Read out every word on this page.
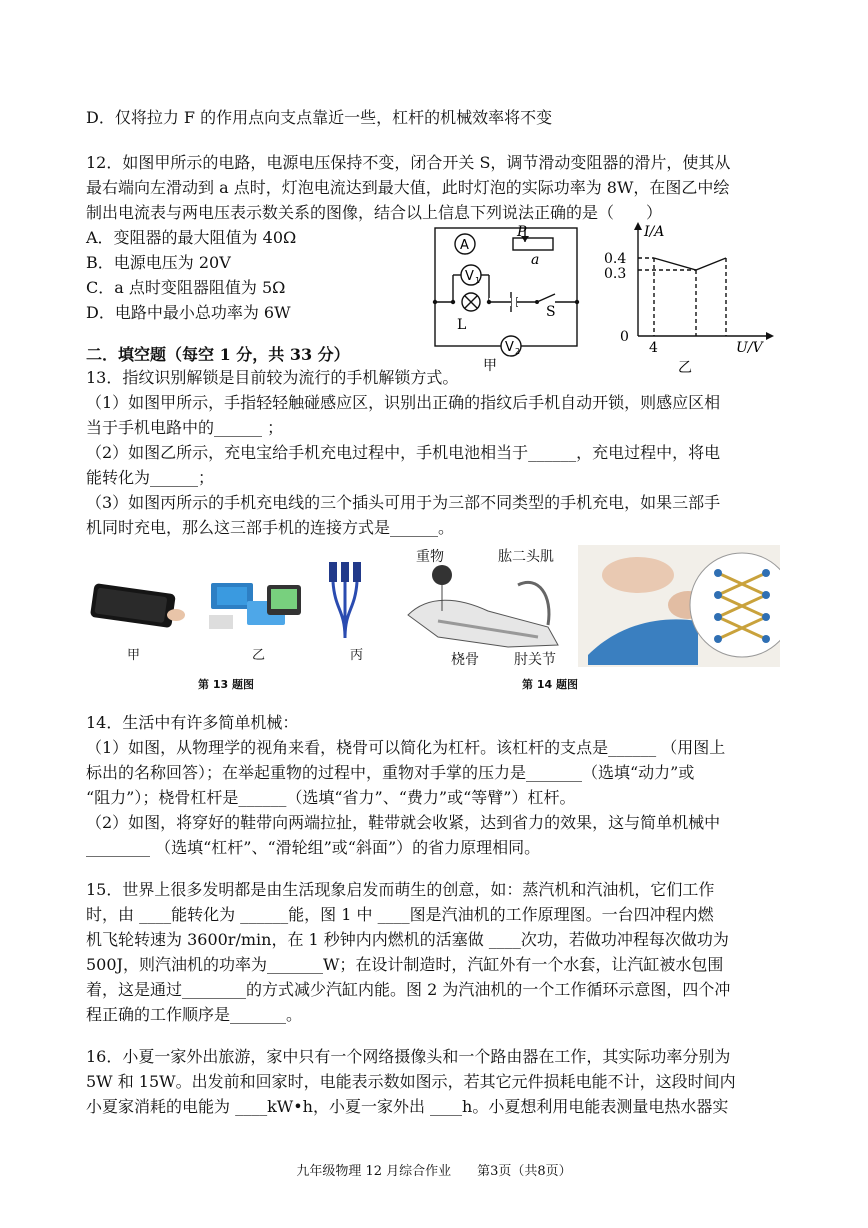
D．仅将拉力 F 的作用点向支点靠近一些，杠杆的机械效率将不变
12．如图甲所示的电路，电源电压保持不变，闭合开关 S，调节滑动变阻器的滑片，使其从
最右端向左滑动到 a 点时，灯泡电流达到最大值，此时灯泡的实际功率为 8W，在图乙中绘
制出电流表与两电压表示数关系的图像，结合以上信息下列说法正确的是（　　）
A．变阻器的最大阻值为 40Ω
B．电源电压为 20V
C．a 点时变阻器阻值为 5Ω
D．电路中最小总功率为 6W
二．填空题（每空 1 分，共 33 分）
13．指纹识别解锁是目前较为流行的手机解锁方式。
（1）如图甲所示，手指轻轻触碰感应区，识别出正确的指纹后手机自动开锁，则感应区相
当于手机电路中的______ ；
（2）如图乙所示，充电宝给手机充电过程中，手机电池相当于______，充电过程中，将电
能转化为______；
（3）如图丙所示的手机充电线的三个插头可用于为三部不同类型的手机充电，如果三部手
机同时充电，那么这三部手机的连接方式是______。
14．生活中有许多简单机械：
（1）如图，从物理学的视角来看，桡骨可以简化为杠杆。该杠杆的支点是______ （用图上
标出的名称回答）；在举起重物的过程中，重物对手掌的压力是_______（选填“动力”或
“阻力”）；桡骨杠杆是______（选填“省力”、“费力”或“等臂”）杠杆。
（2）如图，将穿好的鞋带向两端拉扯，鞋带就会收紧，达到省力的效果，这与简单机械中
________ （选填“杠杆”、“滑轮组”或“斜面”）的省力原理相同。
15．世界上很多发明都是由生活现象启发而萌生的创意，如：蒸汽机和汽油机，它们工作
时，由 ____能转化为 ______能，图 1 中 ____图是汽油机的工作原理图。一台四冲程内燃
机飞轮转速为 3600r/min，在 1 秒钟内内燃机的活塞做 ____次功，若做功冲程每次做功为
500J，则汽油机的功率为_______W；在设计制造时，汽缸外有一个水套，让汽缸被水包围
着，这是通过________的方式减少汽缸内能。图 2 为汽油机的一个工作循环示意图，四个冲
程正确的工作顺序是_______。
16．小夏一家外出旅游，家中只有一个网络摄像头和一个路由器在工作，其实际功率分别为
5W 和 15W。出发前和回家时，电能表示数如图示，若其它元件损耗电能不计，这段时间内
小夏家消耗的电能为 ____kW•h，小夏一家外出 ____h。小夏想利用电能表测量电热水器实
A
V 1
V 2
P
a
S
L
甲
I/A
0.4
0.3
0
4	U/V
乙
甲	乙	丙
第 13 题图
重物	肱二头肌
桡骨	肘关节
第 14 题图
九年级物理 12 月综合作业　　第3页（共8页）
